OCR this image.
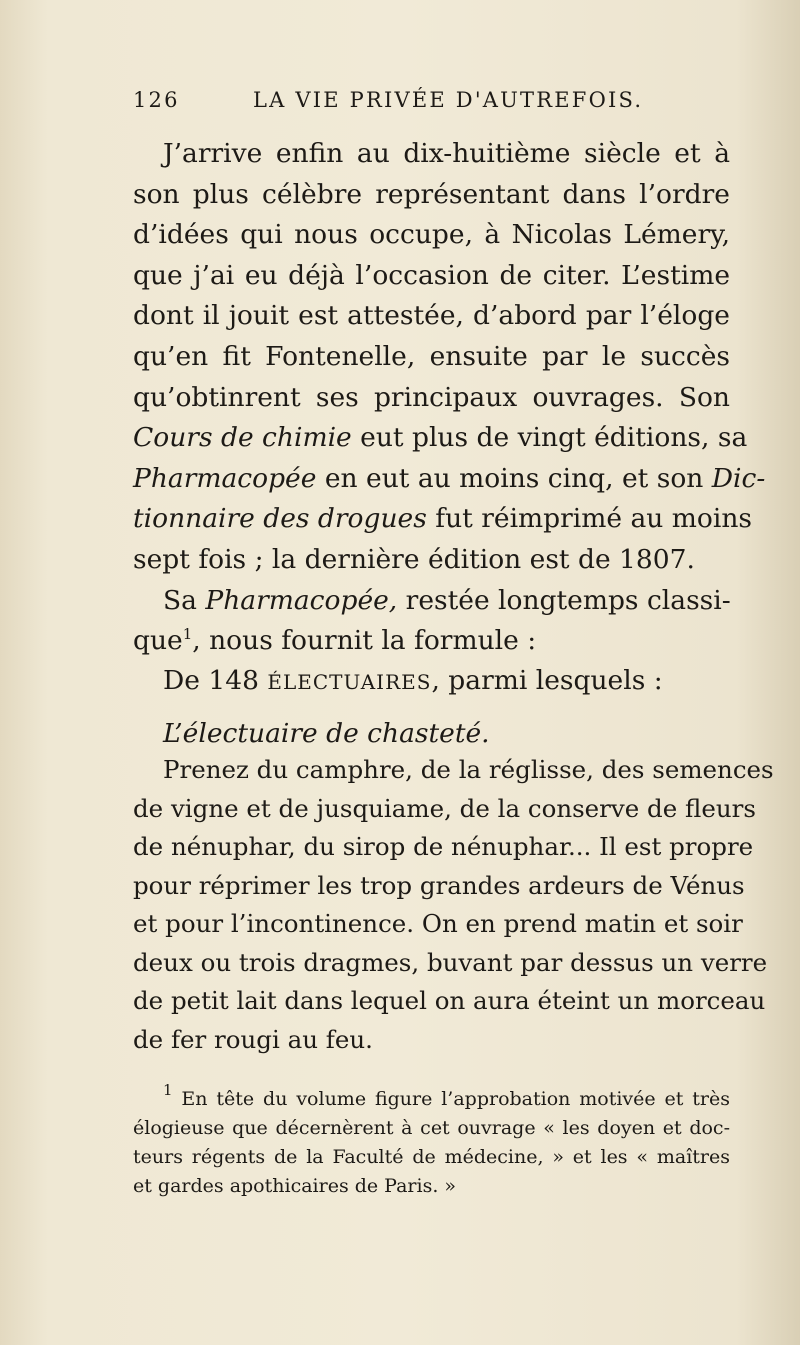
126	LA VIE PRIVÉE D'AUTREFOIS.
J’arrive enfin au dix-huitième siècle et à
son plus célèbre représentant dans l’ordre
d’idées qui nous occupe, à Nicolas Lémery,
que j’ai eu déjà l’occasion de citer. L’estime
dont il jouit est attestée, d’abord par l’éloge
qu’en fit Fontenelle, ensuite par le succès
qu’obtinrent ses principaux ouvrages. Son
Cours de chimie eut plus de vingt éditions, sa
Pharmacopée en eut au moins cinq, et son Dic-
tionnaire des drogues fut réimprimé au moins
sept fois ; la dernière édition est de 1807.
Sa Pharmacopée, restée longtemps classi-
que$^1$, nous fournit la formule :
De 148 ÉLECTUAIRES, parmi lesquels :
L’électuaire de chasteté.
Prenez du camphre, de la réglisse, des semences
de vigne et de jusquiame, de la conserve de fleurs
de nénuphar, du sirop de nénuphar... Il est propre
pour réprimer les trop grandes ardeurs de Vénus
et pour l’incontinence. On en prend matin et soir
deux ou trois dragmes, buvant par dessus un verre
de petit lait dans lequel on aura éteint un morceau
de fer rougi au feu.
$^1$ En tête du volume figure l’approbation motivée et très
élogieuse que décernèrent à cet ouvrage « les doyen et doc-
teurs régents de la Faculté de médecine, » et les « maîtres
et gardes apothicaires de Paris. »
